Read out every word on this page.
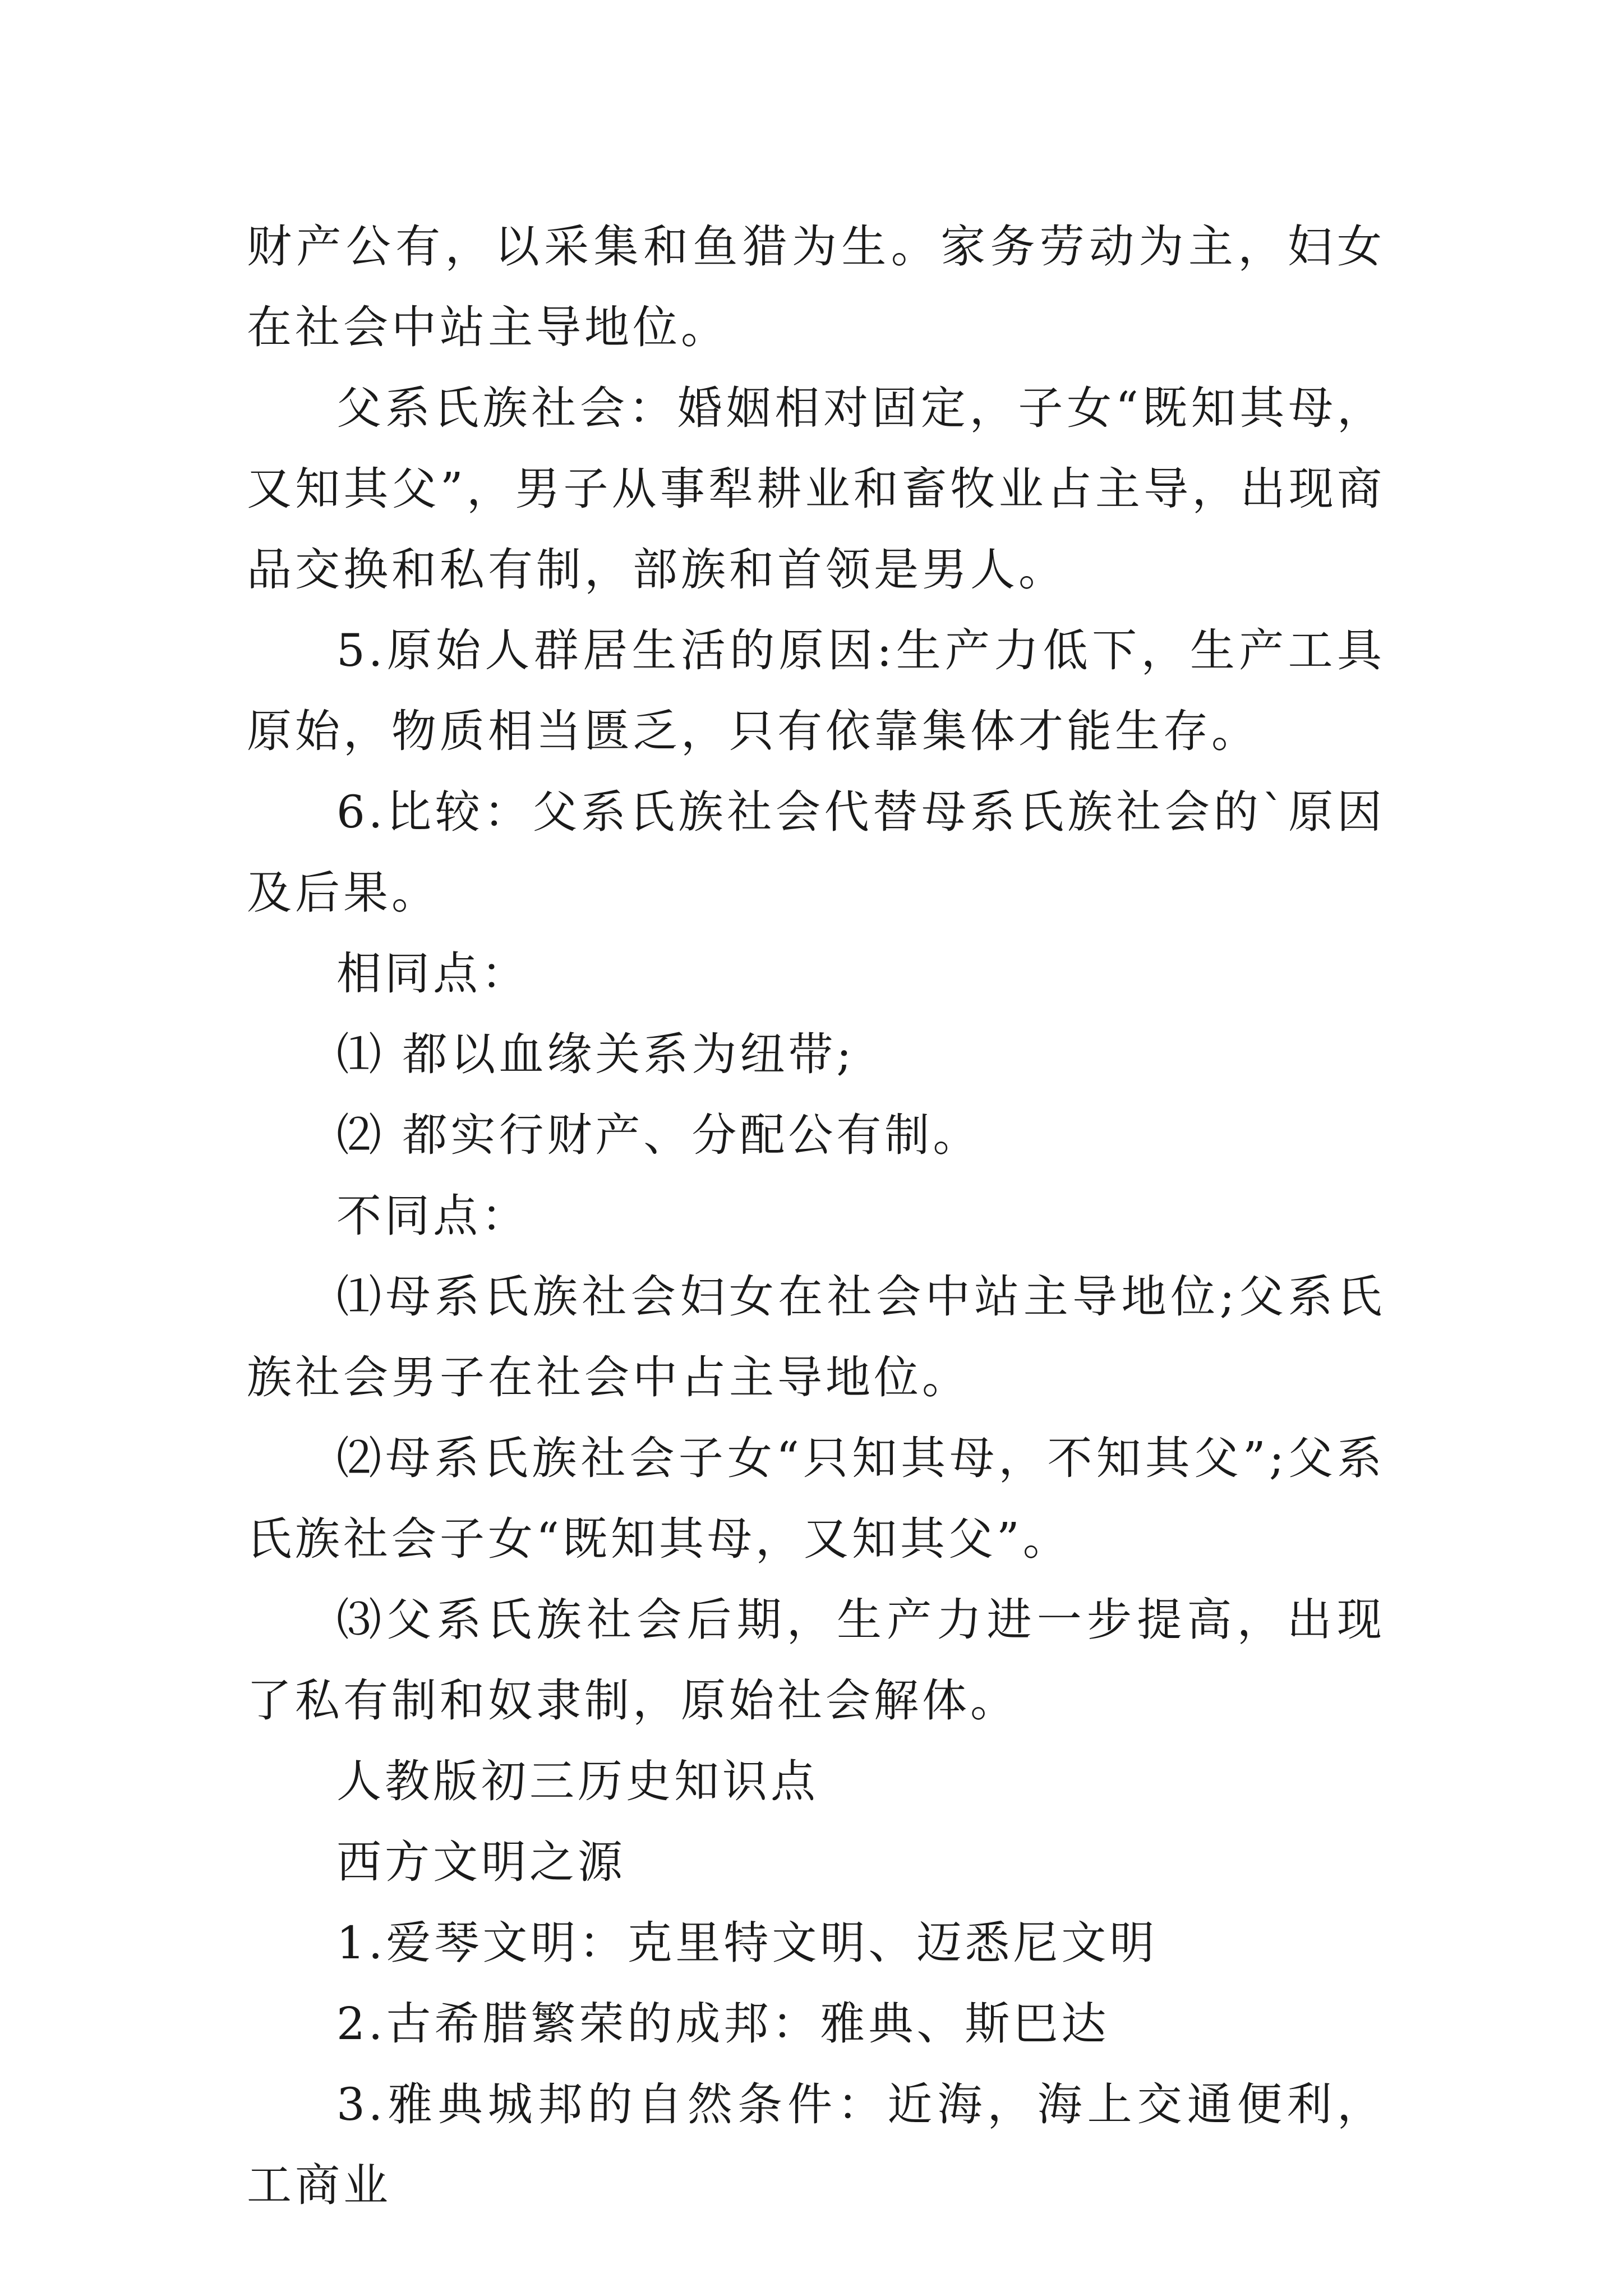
财产公有，以采集和鱼猎为生。家务劳动为主，妇女在社会中站主导地位。

父系氏族社会：婚姻相对固定，子女“既知其母，又知其父”，男子从事犁耕业和畜牧业占主导，出现商品交换和私有制，部族和首领是男人。

5.原始人群居生活的原因:生产力低下，生产工具原始，物质相当匮乏，只有依靠集体才能生存。

6.比较：父系氏族社会代替母系氏族社会的`原因及后果。

相同点：

⑴ 都以血缘关系为纽带;

⑵ 都实行财产、分配公有制。

不同点：

⑴母系氏族社会妇女在社会中站主导地位;父系氏族社会男子在社会中占主导地位。

⑵母系氏族社会子女“只知其母，不知其父”;父系氏族社会子女“既知其母，又知其父”。

⑶父系氏族社会后期，生产力进一步提高，出现了私有制和奴隶制，原始社会解体。

人教版初三历史知识点

西方文明之源

1.爱琴文明：克里特文明、迈悉尼文明

2.古希腊繁荣的成邦：雅典、斯巴达

3.雅典城邦的自然条件：近海，海上交通便利，工商业
